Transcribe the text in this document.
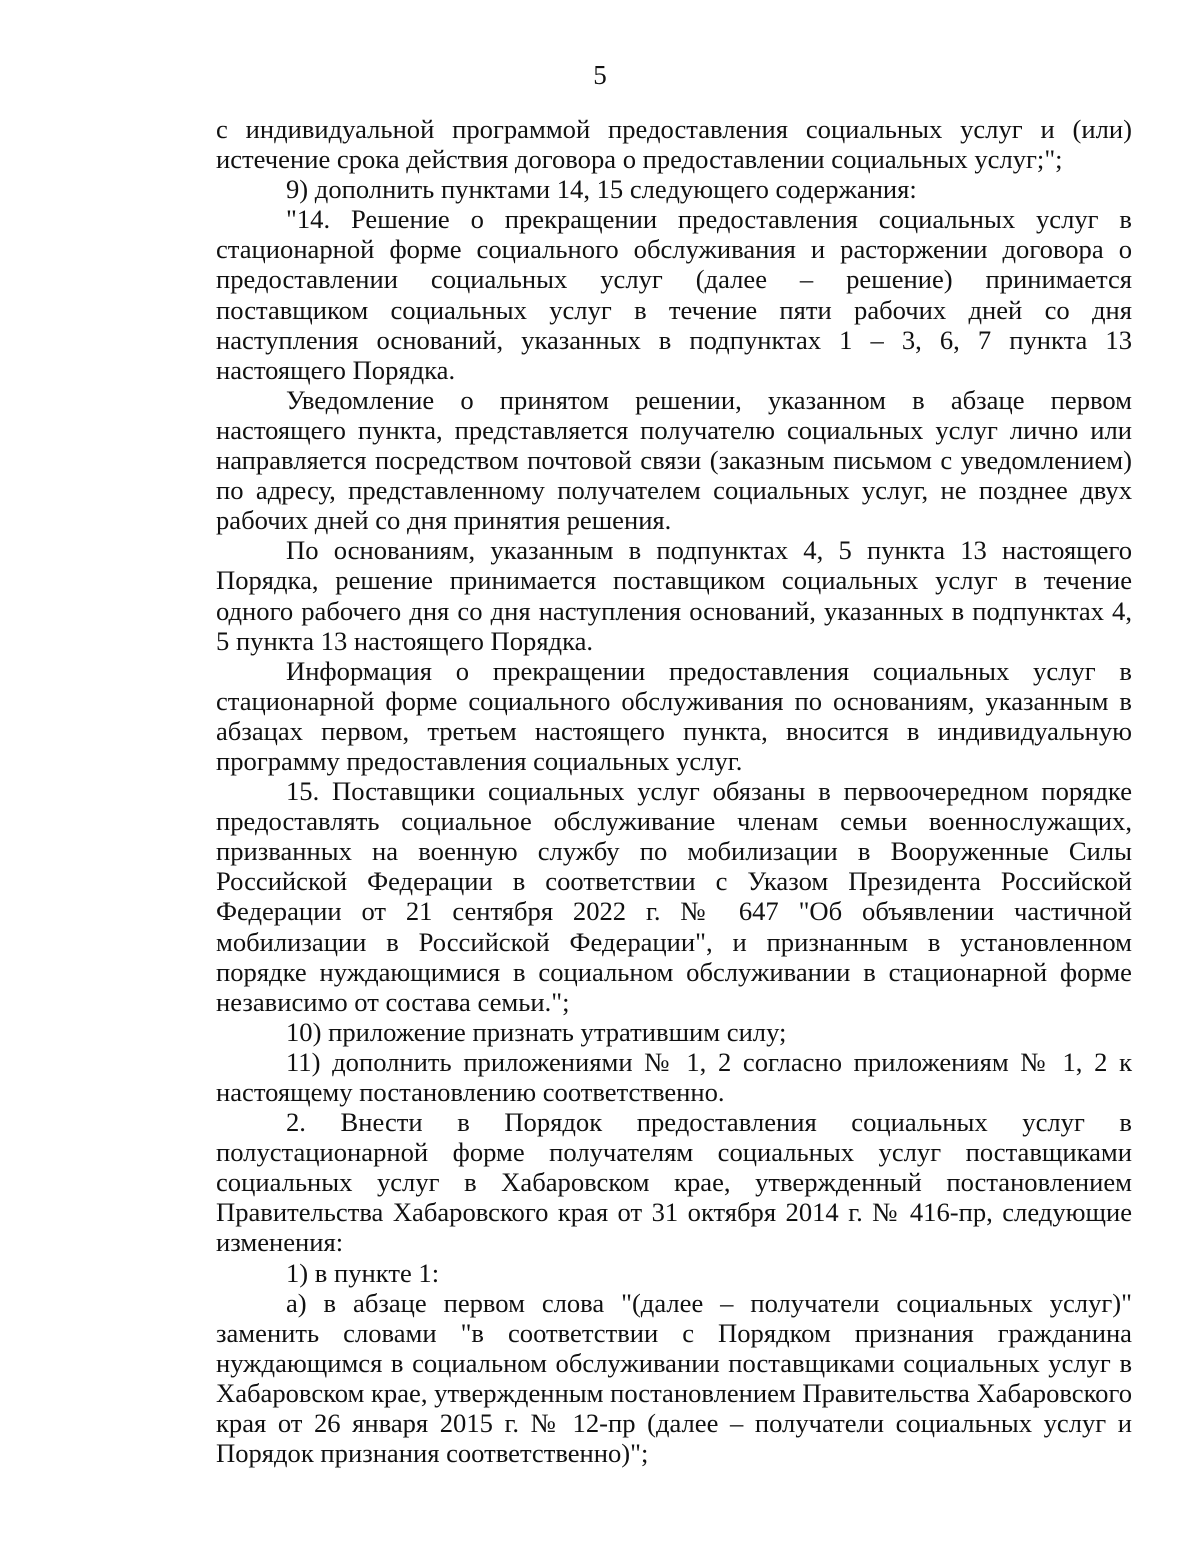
5

с индивидуальной программой предоставления социальных услуг и (или) истечение срока действия договора о предоставлении социальных услуг;";

9) дополнить пунктами 14, 15 следующего содержания:

"14. Решение о прекращении предоставления социальных услуг в стационарной форме социального обслуживания и расторжении договора о предоставлении социальных услуг (далее – решение) принимается поставщиком социальных услуг в течение пяти рабочих дней со дня наступления оснований, указанных в подпунктах 1 – 3, 6, 7 пункта 13 настоящего Порядка.

Уведомление о принятом решении, указанном в абзаце первом настоящего пункта, представляется получателю социальных услуг лично или направляется посредством почтовой связи (заказным письмом с уведомлением) по адресу, представленному получателем социальных услуг, не позднее двух рабочих дней со дня принятия решения.

По основаниям, указанным в подпунктах 4, 5 пункта 13 настоящего Порядка, решение принимается поставщиком социальных услуг в течение одного рабочего дня со дня наступления оснований, указанных в подпунктах 4, 5 пункта 13 настоящего Порядка.

Информация о прекращении предоставления социальных услуг в стационарной форме социального обслуживания по основаниям, указанным в абзацах первом, третьем настоящего пункта, вносится в индивидуальную программу предоставления социальных услуг.

15. Поставщики социальных услуг обязаны в первоочередном порядке предоставлять социальное обслуживание членам семьи военнослужащих, призванных на военную службу по мобилизации в Вооруженные Силы Российской Федерации в соответствии с Указом Президента Российской Федерации от 21 сентября 2022 г. № 647 "Об объявлении частичной мобилизации в Российской Федерации", и признанным в установленном порядке нуждающимися в социальном обслуживании в стационарной форме независимо от состава семьи.";

10) приложение признать утратившим силу;

11) дополнить приложениями № 1, 2 согласно приложениям № 1, 2 к настоящему постановлению соответственно.

2. Внести в Порядок предоставления социальных услуг в полустационарной форме получателям социальных услуг поставщиками социальных услуг в Хабаровском крае, утвержденный постановлением Правительства Хабаровского края от 31 октября 2014 г. № 416-пр, следующие изменения:

1) в пункте 1:

а) в абзаце первом слова "(далее – получатели социальных услуг)" заменить словами "в соответствии с Порядком признания гражданина нуждающимся в социальном обслуживании поставщиками социальных услуг в Хабаровском крае, утвержденным постановлением Правительства Хабаровского края от 26 января 2015 г. № 12-пр (далее – получатели социальных услуг и Порядок признания соответственно)";
